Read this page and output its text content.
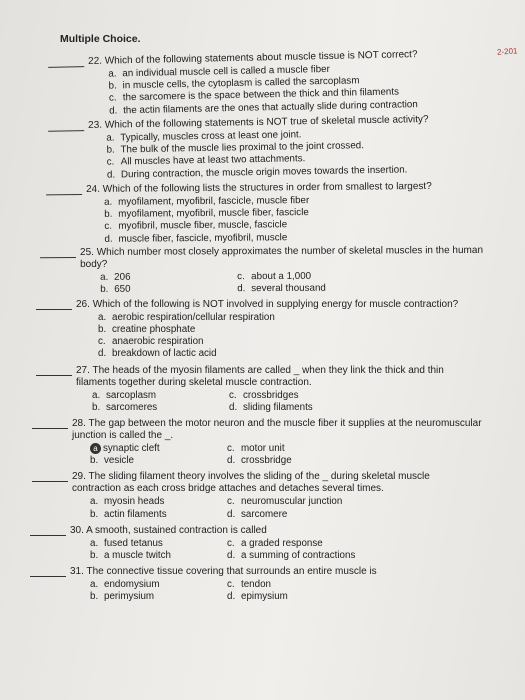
Multiple Choice.
2-201
22. Which of the following statements about muscle tissue is NOT correct?
a. an individual muscle cell is called a muscle fiber
b. in muscle cells, the cytoplasm is called the sarcoplasm
c. the sarcomere is the space between the thick and thin filaments
d. the actin filaments are the ones that actually slide during contraction
23. Which of the following statements is NOT true of skeletal muscle activity?
a. Typically, muscles cross at least one joint.
b. The bulk of the muscle lies proximal to the joint crossed.
c. All muscles have at least two attachments.
d. During contraction, the muscle origin moves towards the insertion.
24. Which of the following lists the structures in order from smallest to largest?
a. myofilament, myofibril, fascicle, muscle fiber
b. myofilament, myofibril, muscle fiber, fascicle
c. myofibril, muscle fiber, muscle, fascicle
d. muscle fiber, fascicle, myofibril, muscle
25. Which number most closely approximates the number of skeletal muscles in the human body?
a. 206	c. about a 1,000
b. 650	d. several thousand
26. Which of the following is NOT involved in supplying energy for muscle contraction?
a. aerobic respiration/cellular respiration
b. creatine phosphate
c. anaerobic respiration
d. breakdown of lactic acid
27. The heads of the myosin filaments are called _ when they link the thick and thin filaments together during skeletal muscle contraction.
a. sarcoplasm	c. crossbridges
b. sarcomeres	d. sliding filaments
28. The gap between the motor neuron and the muscle fiber it supplies at the neuromuscular junction is called the _.
a synaptic cleft	c. motor unit
b. vesicle	d. crossbridge
29. The sliding filament theory involves the sliding of the _ during skeletal muscle contraction as each cross bridge attaches and detaches several times.
a. myosin heads	c. neuromuscular junction
b. actin filaments	d. sarcomere
30. A smooth, sustained contraction is called
a. fused tetanus	c. a graded response
b. a muscle twitch	d. a summing of contractions
31. The connective tissue covering that surrounds an entire muscle is
a. endomysium	c. tendon
b. perimysium	d. epimysium
